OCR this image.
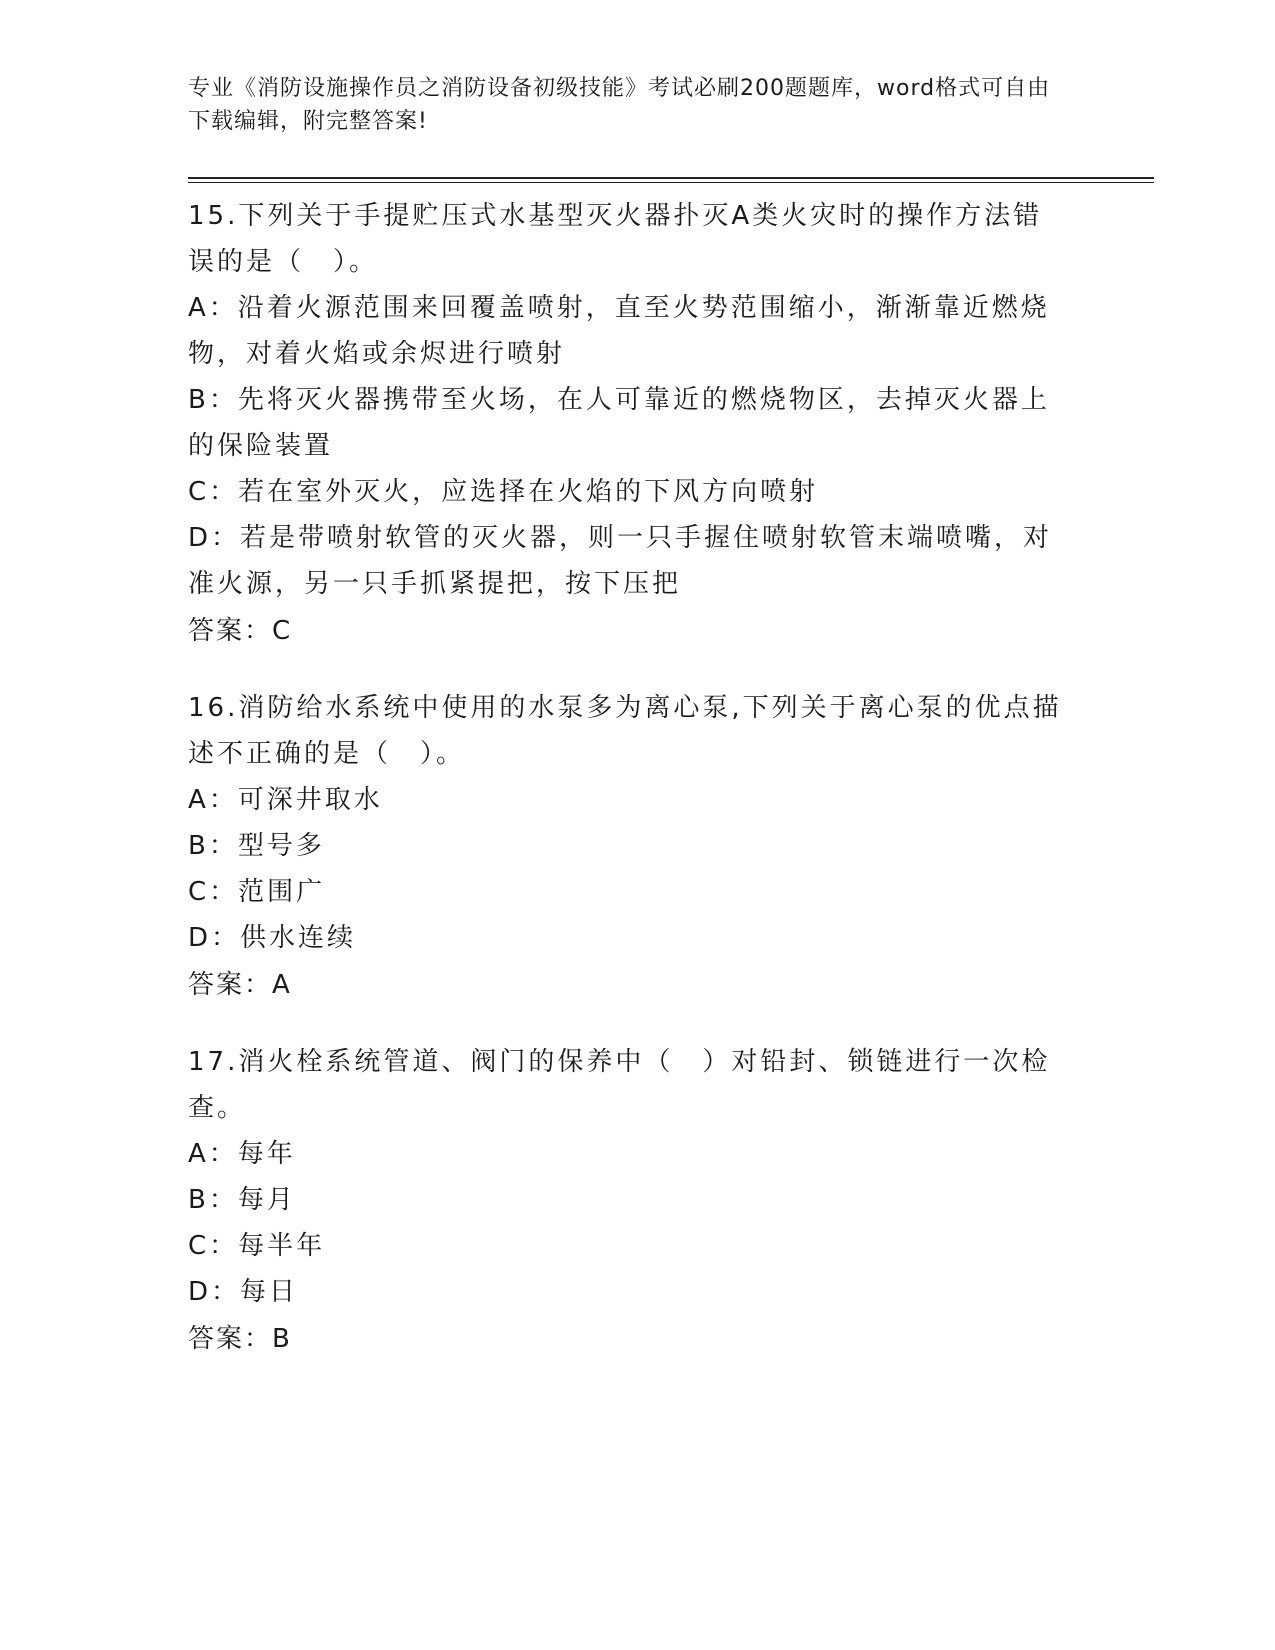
专业《消防设施操作员之消防设备初级技能》考试必刷200题题库，word格式可自由下载编辑，附完整答案!
15.下列关于手提贮压式水基型灭火器扑灭A类火灾时的操作方法错误的是（　）。
A：沿着火源范围来回覆盖喷射，直至火势范围缩小，渐渐靠近燃烧物，对着火焰或余烬进行喷射
B：先将灭火器携带至火场，在人可靠近的燃烧物区，去掉灭火器上的保险装置
C：若在室外灭火，应选择在火焰的下风方向喷射
D：若是带喷射软管的灭火器，则一只手握住喷射软管末端喷嘴，对准火源，另一只手抓紧提把，按下压把
答案：C
16.消防给水系统中使用的水泵多为离心泵,下列关于离心泵的优点描述不正确的是（　）。
A：可深井取水
B：型号多
C：范围广
D：供水连续
答案：A
17.消火栓系统管道、阀门的保养中（　）对铅封、锁链进行一次检查。
A：每年
B：每月
C：每半年
D：每日
答案：B
